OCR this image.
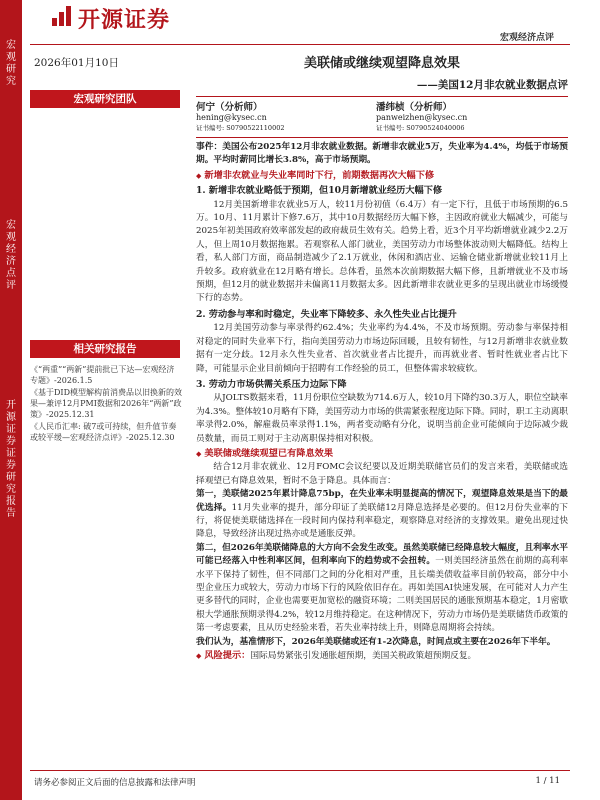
宏观研究
宏观经济点评
开源证券 证券研究报告
开源证券
宏观经济点评
2026年01月10日
宏观研究团队
相关研究报告
《“两重”“两新”提前批已下达—宏观经济专题》-2026.1.5
《基于DID模型解构前消费品以旧换新的效果—兼评12月PMI数据和2026年“两新”政策》-2025.12.31
《人民币汇率: 破7或可持续，但升值节奏或较平缓—宏观经济点评》-2025.12.30
美联储或继续观望降息效果
——美国12月非农就业数据点评
何宁（分析师）
hening@kysec.cn
证书编号: S0790522110002
潘纬桢（分析师）
panweizhen@kysec.cn
证书编号: S0790524040006

事件：美国公布2025年12月非农就业数据。新增非农就业5万，失业率为4.4%，均低于市场预期。平均时薪同比增长3.8%，高于市场预期。

◆ 新增非农就业与失业率同时下行，前期数据再次大幅下修
1. 新增非农就业略低于预期，但10月新增就业经历大幅下修

12月美国新增非农就业5万人，较11月份初值（6.4万）有一定下行，且低于市场预期的6.5万。10月、11月累计下修7.6万，其中10月数据经历大幅下修，主因政府就业大幅减少，可能与2025年初美国政府效率部发起的政府裁员生效有关。趋势上看，近3个月平均新增就业减少2.2万人，但上周10月数据拖累。若观察私人部门就业，美国劳动力市场整体波动则大幅降低。结构上看，私人部门方面，商品制造减少了2.1万就业，休闲和酒店业、运输仓储业新增就业较11月上升较多。政府就业在12月略有增长。总体看，虽然本次前期数据大幅下修，且新增就业不及市场预期，但12月的就业数据并未偏离11月数据太多。因此新增非农就业更多的呈现出就业市场缓慢下行的态势。

2. 劳动参与率和时稳定，失业率下降较多、永久性失业占比提升

12月美国劳动参与率录得约62.4%；失业率约为4.4%，不及市场预期。劳动参与率保持相对稳定的同时失业率下行，指向美国劳动力市场边际回暖，且较有韧性，与12月新增非农就业数据有一定分歧。12月永久性失业者、首次就业者占比提升，而再就业者、暂时性就业者占比下降，可能显示企业目前倾向于招聘有工作经验的员工，但整体需求较疲软。

3. 劳动力市场供需关系压力边际下降

从JOLTS数据来看，11月份职位空缺数为714.6万人，较10月下降约30.3万人，职位空缺率为4.3%。整体较10月略有下降，美国劳动力市场的供需紧张程度边际下降。同时，职工主动离职率录得2.0%，解雇裁员率录得1.1%，两者变动略有分化，说明当前企业可能倾向于边际减少裁员数量，而员工则对于主动离职保持相对积极。

◆ 美联储或继续观望已有降息效果

结合12月非农就业、12月FOMC会议纪要以及近期美联储官员们的发言来看，美联储或选择观望已有降息效果，暂时不急于降息。具体而言：

第一，美联储2025年累计降息75bp，在失业率未明显提高的情况下，观望降息效果是当下的最优选择。11月失业率的提升，部分印证了美联储12月降息选择是必要的。但12月份失业率的下行，将促使美联储选择在一段时间内保持利率稳定，观察降息对经济的支撑效果。避免出现过快降息，导致经济出现过热亦或是通胀反弹。

第二，但2026年美联储降息的大方向不会发生改变。虽然美联储已经降息较大幅度，且利率水平可能已经落入中性利率区间，但利率向下的趋势或不会扭转。一则美国经济虽然在前期的高利率水平下保持了韧性，但不同部门之间的分化相对严重，且长端美债收益率目前仍较高，部分中小型企业压力或较大，劳动力市场下行的风险依旧存在。再如美国AI快速发展，在可能对人力产生更多替代的同时，企业也需要更加宽松的融资环境；二则美国居民的通胀预期基本稳定，1月密歇根大学通胀预期录得4.2%，较12月维持稳定。在这种情况下，劳动力市场仍是美联储货币政策的第一考虑要素，且从历史经验来看，若失业率持续上升，则降息周期将会持续。

我们认为，基准情形下，2026年美联储或还有1-2次降息，时间点或主要在2026年下半年。

◆ 风险提示：国际局势紧张引发通胀超预期，美国关税政策超预期反复。

请务必参阅正文后面的信息披露和法律声明	1 / 11
